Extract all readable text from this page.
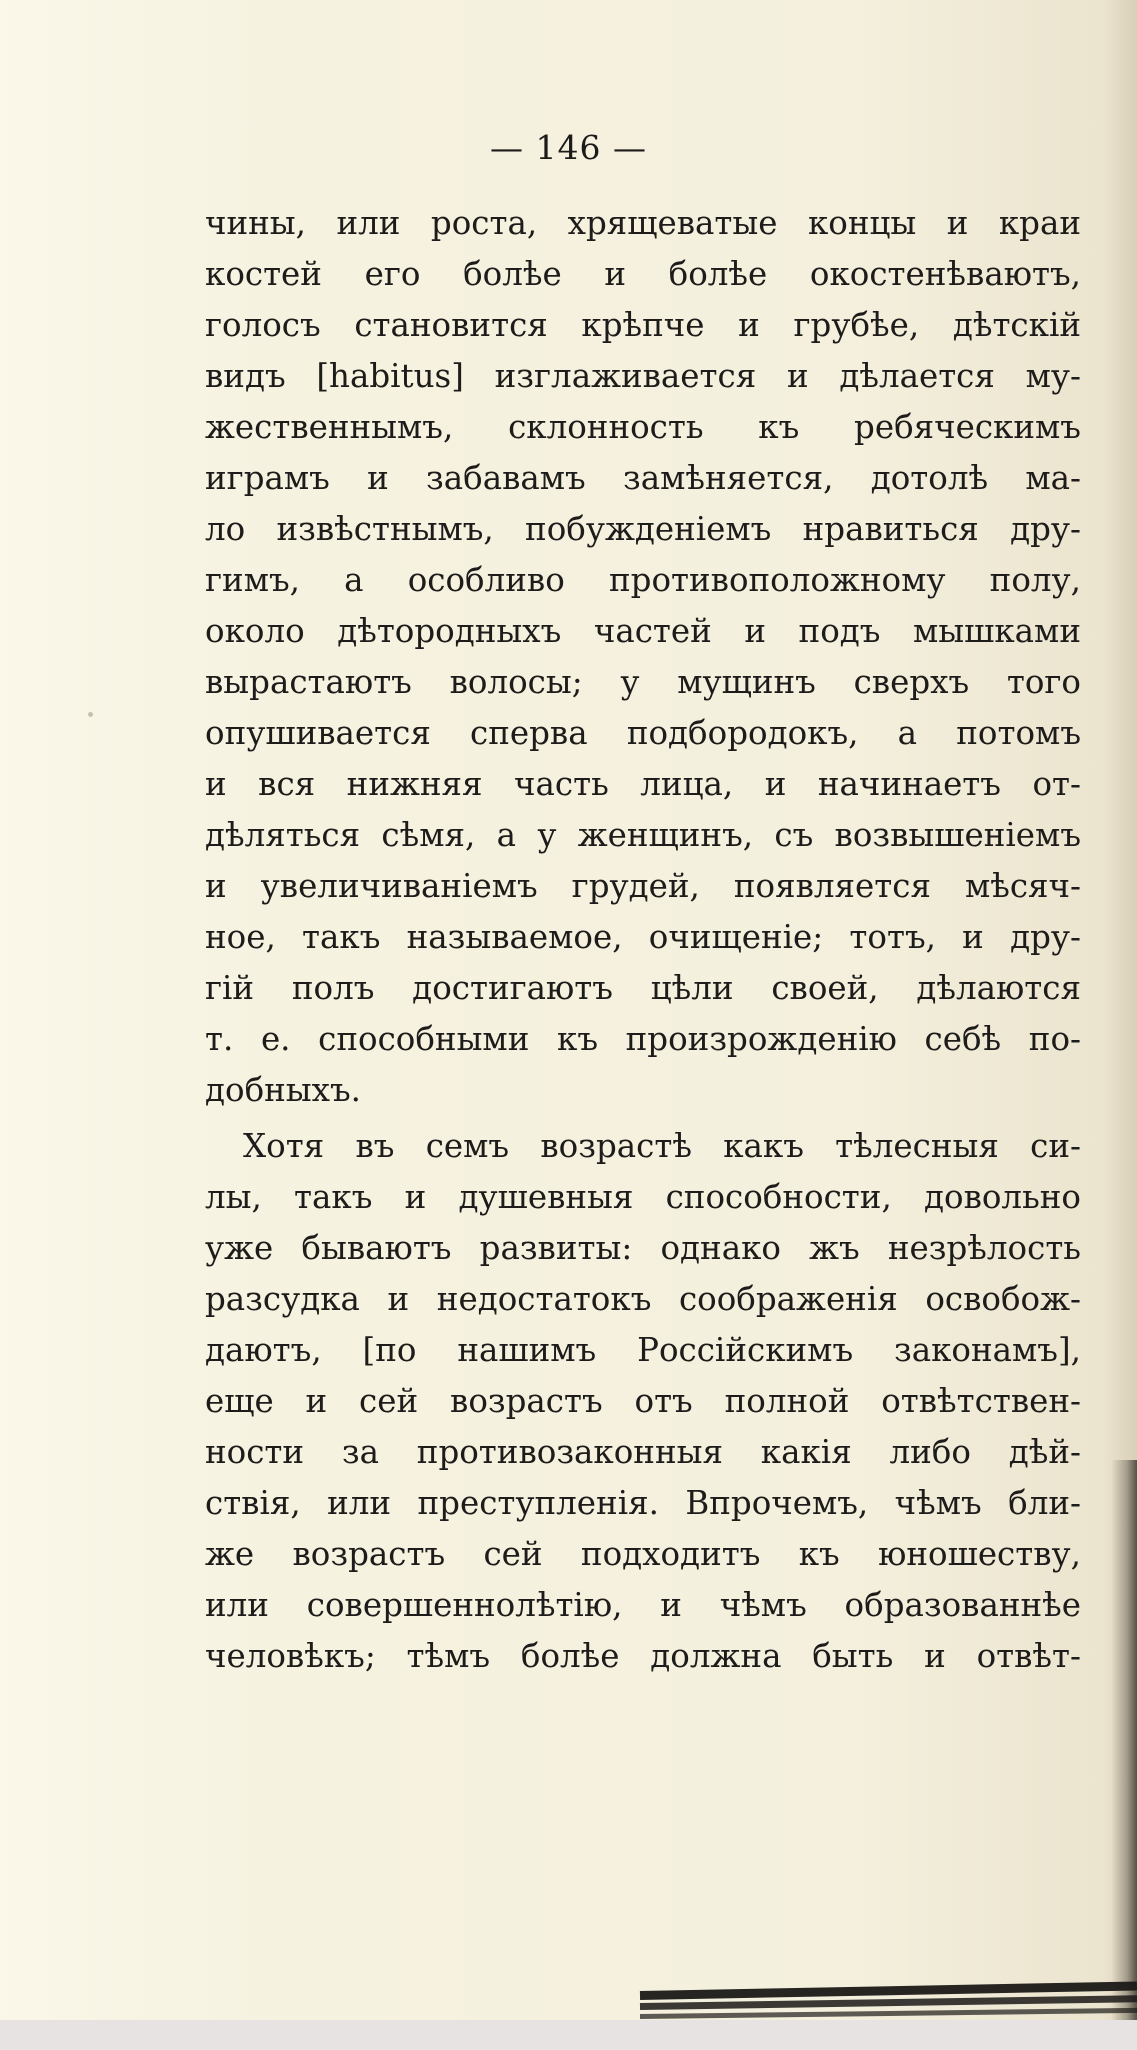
— 146 —
чины, или роста, хрящеватые концы и краи
костей его болѣе и болѣе окостенѣваютъ,
голосъ становится крѣпче и грубѣе, дѣтскій
видъ [habitus] изглаживается и дѣлается му-
жественнымъ, склонность къ ребяческимъ
играмъ и забавамъ замѣняется, дотолѣ ма-
ло извѣстнымъ, побужденіемъ нравиться дру-
гимъ, а особливо противоположному полу,
около дѣтородныхъ частей и подъ мышками
вырастаютъ волосы; у мущинъ сверхъ того
опушивается сперва подбородокъ, а потомъ
и вся нижняя часть лица, и начинаетъ от-
дѣляться сѣмя, а у женщинъ, съ возвышеніемъ
и увеличиваніемъ грудей, появляется мѣсяч-
ное, такъ называемое, очищеніе; тотъ, и дру-
гій полъ достигаютъ цѣли своей, дѣлаются
т. е. способными къ произрожденію себѣ по-
добныхъ.
Хотя въ семъ возрастѣ какъ тѣлесныя си-
лы, такъ и душевныя способности, довольно
уже бываютъ развиты: однако жъ незрѣлость
разсудка и недостатокъ соображенія освобож-
даютъ, [по нашимъ Россійскимъ законамъ],
еще и сей возрастъ отъ полной отвѣтствен-
ности за противозаконныя какія либо дѣй-
ствія, или преступленія. Впрочемъ, чѣмъ бли-
же возрастъ сей подходитъ къ юношеству,
или совершеннолѣтію, и чѣмъ образованнѣе
человѣкъ; тѣмъ болѣе должна быть и отвѣт-
